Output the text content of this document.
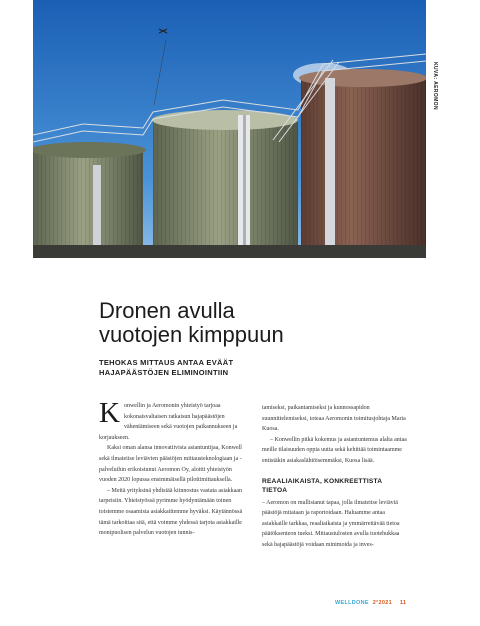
KUVA: AEROMON
Dronen avulla
vuotojen kimppuun
TEHOKAS MITTAUS ANTAA EVÄÄT
HAJAPÄÄSTÖJEN ELIMINOINTIIN

Konwellin ja Aeromonin yhteistyö tarjoaa kokonaisvaltaisen ratkaisun hajapäästöjen vähentämiseen sekä vuotojen paikannukseen ja korjaukseen.

Kaksi oman alansa innovatiivista asiantuntijaa, Konwell sekä ilmateitse leviävien päästöjen mittausteknologiaan ja -palveluihin erikoistunut Aeromon Oy, aloitti yhteistyön vuoden 2020 lopussa ensimmäisellä pilottimittauksella.

– Meitä yrityksinä yhdistää kiinnostus vastata asiakkaan tarpeisiin. Yhteistyössä pyrimme hyödyntämään toinen toistemme osaamista asiakkaittemme hyväksi. Käytännössä tämä tarkoittaa sitä, että voimme yhdessä tarjota asiakkaille monipuolisen palvelun vuotojen tunnis-

tamiseksi, paikantamiseksi ja kunnossapidon suunnittelemiseksi, toteaa Aeromonin toimitusjohtaja Maria Kuosa.

– Konwellin pitkä kokemus ja asiantuntemus alalta antaa meille tilaisuuden oppia uutta sekä kehittää toimintaamme entistäkin asiakaslähtöisemmäksi, Kuosa lisää.

REAALIAIKAISTA, KONKREETTISTA TIETOA

– Aeromon on mullistanut tapaa, jolla ilmateitse leviäviä päästöjä mitataan ja raportoidaan. Haluamme antaa asiakkaille tarkkaa, reaaliaikaista ja ymmärrettävää tietoa päätöksenteon tueksi. Mittaustulosten avulla tuotehukkaa sekä hajapäästöjä voidaan minimoida ja inves-

WELLDONE 2°2021 11
